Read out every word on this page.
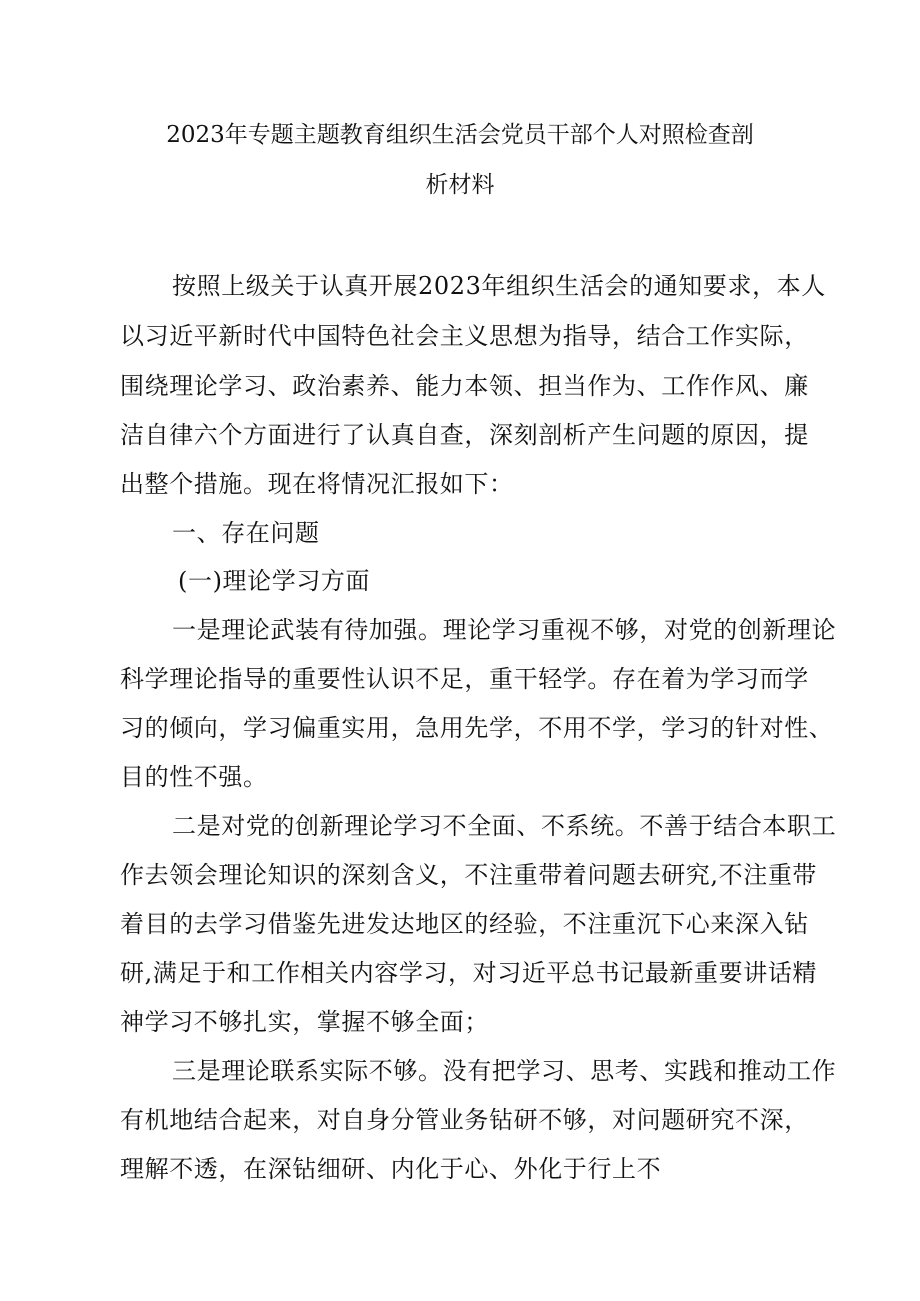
2023年专题主题教育组织生活会党员干部个人对照检查剖
析材料
按照上级关于认真开展2023年组织生活会的通知要求，本人
以习近平新时代中国特色社会主义思想为指导，结合工作实际，
围绕理论学习、政治素养、能力本领、担当作为、工作作风、廉
洁自律六个方面进行了认真自查，深刻剖析产生问题的原因，提
出整个措施。现在将情况汇报如下：
一、存在问题
(一)理论学习方面
一是理论武装有待加强。理论学习重视不够，对党的创新理论
科学理论指导的重要性认识不足，重干轻学。存在着为学习而学
习的倾向，学习偏重实用，急用先学，不用不学，学习的针对性、
目的性不强。
二是对党的创新理论学习不全面、不系统。不善于结合本职工
作去领会理论知识的深刻含义，不注重带着问题去研究,不注重带
着目的去学习借鉴先进发达地区的经验，不注重沉下心来深入钻
研,满足于和工作相关内容学习，对习近平总书记最新重要讲话精
神学习不够扎实，掌握不够全面；
三是理论联系实际不够。没有把学习、思考、实践和推动工作
有机地结合起来，对自身分管业务钻研不够，对问题研究不深，
理解不透，在深钻细研、内化于心、外化于行上不
